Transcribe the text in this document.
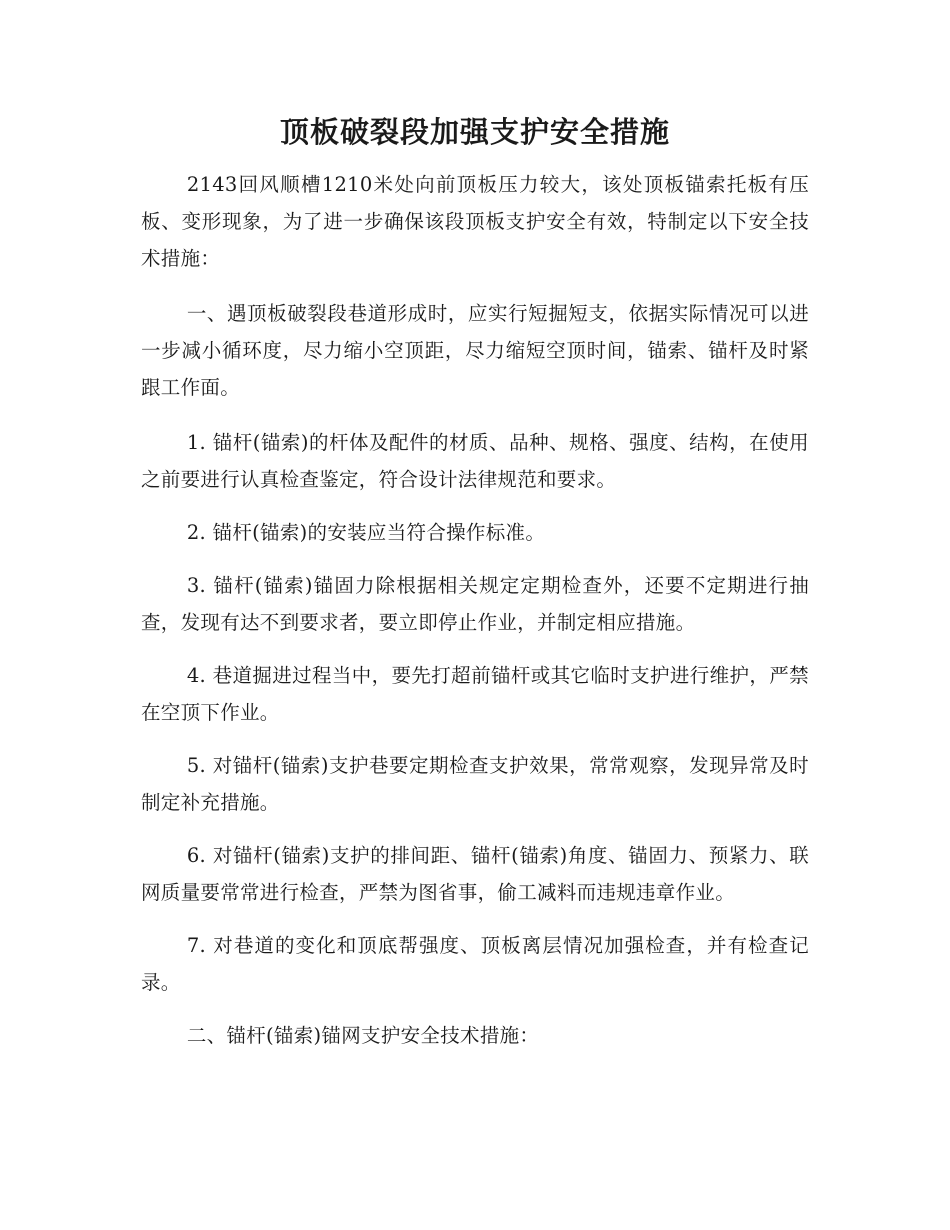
顶板破裂段加强支护安全措施

2143回风顺槽1210米处向前顶板压力较大，该处顶板锚索托板有压板、变形现象，为了进一步确保该段顶板支护安全有效，特制定以下安全技术措施：

一、遇顶板破裂段巷道形成时，应实行短掘短支，依据实际情况可以进一步减小循环度，尽力缩小空顶距，尽力缩短空顶时间，锚索、锚杆及时紧跟工作面。

1. 锚杆(锚索)的杆体及配件的材质、品种、规格、强度、结构，在使用之前要进行认真检查鉴定，符合设计法律规范和要求。

2. 锚杆(锚索)的安装应当符合操作标准。

3. 锚杆(锚索)锚固力除根据相关规定定期检查外，还要不定期进行抽查，发现有达不到要求者，要立即停止作业，并制定相应措施。

4. 巷道掘进过程当中，要先打超前锚杆或其它临时支护进行维护，严禁在空顶下作业。

5. 对锚杆(锚索)支护巷要定期检查支护效果，常常观察，发现异常及时制定补充措施。

6. 对锚杆(锚索)支护的排间距、锚杆(锚索)角度、锚固力、预紧力、联网质量要常常进行检查，严禁为图省事，偷工减料而违规违章作业。

7. 对巷道的变化和顶底帮强度、顶板离层情况加强检查，并有检查记录。

二、锚杆(锚索)锚网支护安全技术措施：
